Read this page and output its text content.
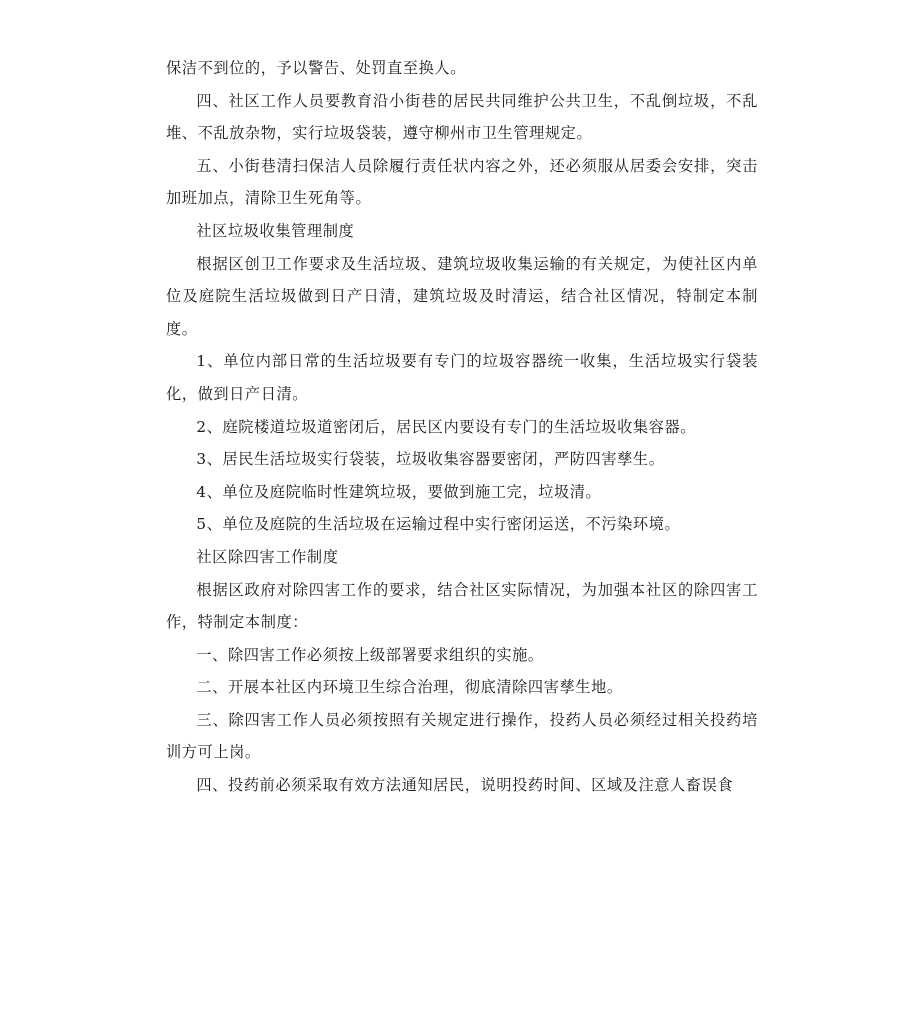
保洁不到位的，予以警告、处罚直至换人。

四、社区工作人员要教育沿小街巷的居民共同维护公共卫生，不乱倒垃圾，不乱堆、不乱放杂物，实行垃圾袋装，遵守柳州市卫生管理规定。

五、小街巷清扫保洁人员除履行责任状内容之外，还必须服从居委会安排，突击加班加点，清除卫生死角等。

社区垃圾收集管理制度

根据区创卫工作要求及生活垃圾、建筑垃圾收集运输的有关规定，为使社区内单位及庭院生活垃圾做到日产日清，建筑垃圾及时清运，结合社区情况，特制定本制度。

1、单位内部日常的生活垃圾要有专门的垃圾容器统一收集，生活垃圾实行袋装化，做到日产日清。

2、庭院楼道垃圾道密闭后，居民区内要设有专门的生活垃圾收集容器。

3、居民生活垃圾实行袋装，垃圾收集容器要密闭，严防四害孳生。

4、单位及庭院临时性建筑垃圾，要做到施工完，垃圾清。

5、单位及庭院的生活垃圾在运输过程中实行密闭运送，不污染环境。

社区除四害工作制度

根据区政府对除四害工作的要求，结合社区实际情况，为加强本社区的除四害工作，特制定本制度：

一、除四害工作必须按上级部署要求组织的实施。

二、开展本社区内环境卫生综合治理，彻底清除四害孳生地。

三、除四害工作人员必须按照有关规定进行操作，投药人员必须经过相关投药培训方可上岗。

四、投药前必须采取有效方法通知居民，说明投药时间、区域及注意人畜误食
